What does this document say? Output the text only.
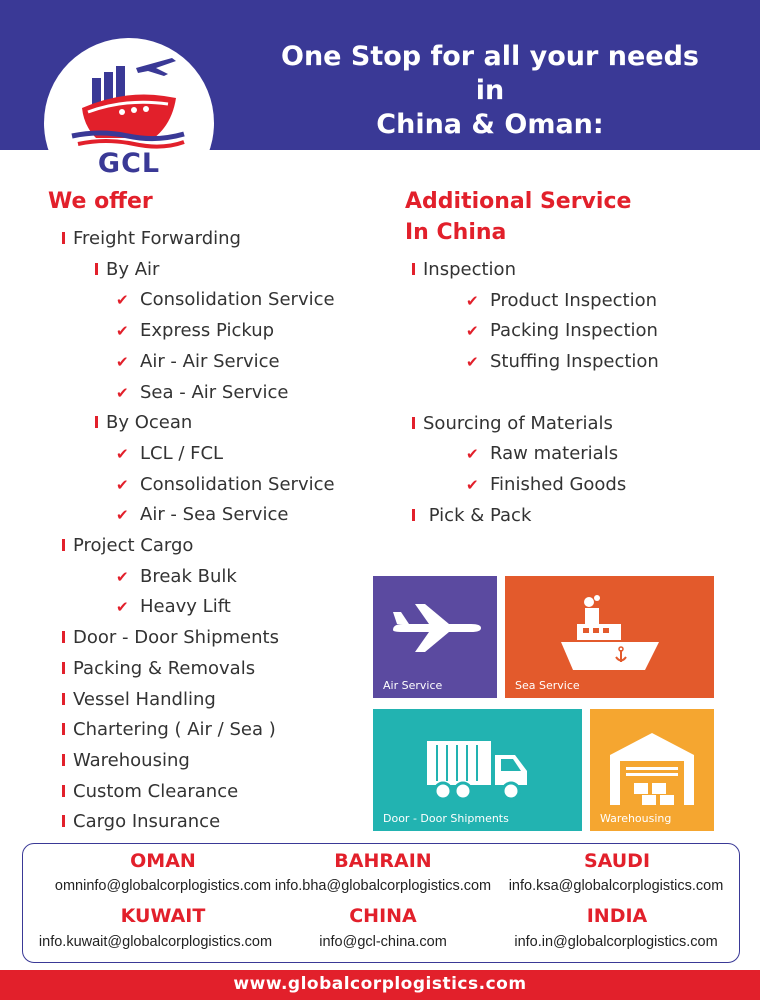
One Stop for all your needs
in
China & Oman:
GCL
We offer
Freight Forwarding
By Air
✔ Consolidation Service
✔ Express Pickup
✔ Air - Air Service
✔ Sea - Air Service
By Ocean
✔ LCL / FCL
✔ Consolidation Service
✔ Air - Sea Service
Project Cargo
✔ Break Bulk
✔ Heavy Lift
Door - Door Shipments
Packing & Removals
Vessel Handling
Chartering ( Air / Sea )
Warehousing
Custom Clearance
Cargo Insurance
Additional Service
In China
Inspection
✔ Product Inspection
✔ Packing Inspection
✔ Stuffing Inspection
Sourcing of Materials
✔ Raw materials
✔ Finished Goods
Pick & Pack
Air Service	Sea Service
Door - Door Shipments	Warehousing
OMAN
omninfo@globalcorplogistics.com
BAHRAIN
info.bha@globalcorplogistics.com
SAUDI
info.ksa@globalcorplogistics.com
KUWAIT
info.kuwait@globalcorplogistics.com
CHINA
info@gcl-china.com
INDIA
info.in@globalcorplogistics.com
www.globalcorplogistics.com
